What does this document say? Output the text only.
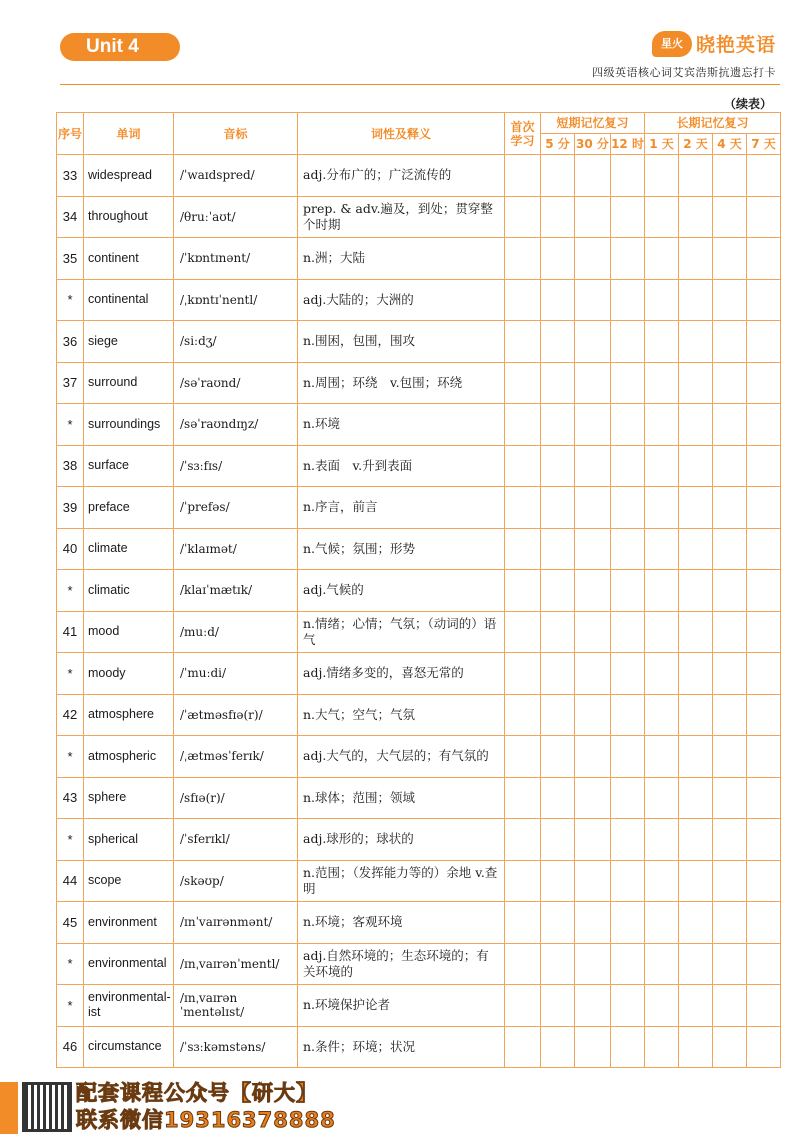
Unit 4	星火 晓艳英语
四级英语核心词艾宾浩斯抗遗忘打卡
（续表）
序号	单词	音标	词性及释义	首次学习	短期记忆复习			长期记忆复习			
					5 分	30 分	12 时	1 天	2 天	4 天	7 天
33	widespread	/ˈwaɪdspred/	adj.分布广的；广泛流传的								
34	throughout	/θruːˈaʊt/	prep. & adv.遍及，到处；贯穿整个时期								
35	continent	/ˈkɒntɪnənt/	n.洲；大陆								
*	continental	/ˌkɒntɪˈnentl/	adj.大陆的；大洲的								
36	siege	/siːdʒ/	n.围困，包围，围攻								
37	surround	/səˈraʊnd/	n.周围；环绕　v.包围；环绕								
*	surroundings	/səˈraʊndɪŋz/	n.环境								
38	surface	/ˈsɜːfɪs/	n.表面　v.升到表面								
39	preface	/ˈprefəs/	n.序言，前言								
40	climate	/ˈklaɪmət/	n.气候；氛围；形势								
*	climatic	/klaɪˈmætɪk/	adj.气候的								
41	mood	/muːd/	n.情绪；心情；气氛；（动词的）语气								
*	moody	/ˈmuːdi/	adj.情绪多变的，喜怒无常的								
42	atmosphere	/ˈætməsfɪə(r)/	n.大气；空气；气氛								
*	atmospheric	/ˌætməsˈferɪk/	adj.大气的，大气层的；有气氛的								
43	sphere	/sfɪə(r)/	n.球体；范围；领域								
*	spherical	/ˈsferɪkl/	adj.球形的；球状的								
44	scope	/skəʊp/	n.范围；（发挥能力等的）余地 v.查明								
45	environment	/ɪnˈvaɪrənmənt/	n.环境；客观环境								
*	environmental	/ɪnˌvaɪrənˈmentl/	adj.自然环境的；生态环境的；有关环境的								
*	environmental-ist	/ɪnˌvaɪrənˈmentəlɪst/	n.环境保护论者								
46	circumstance	/ˈsɜːkəmstəns/	n.条件；环境；状况								
配套课程公众号【研大】
联系微信19316378888
